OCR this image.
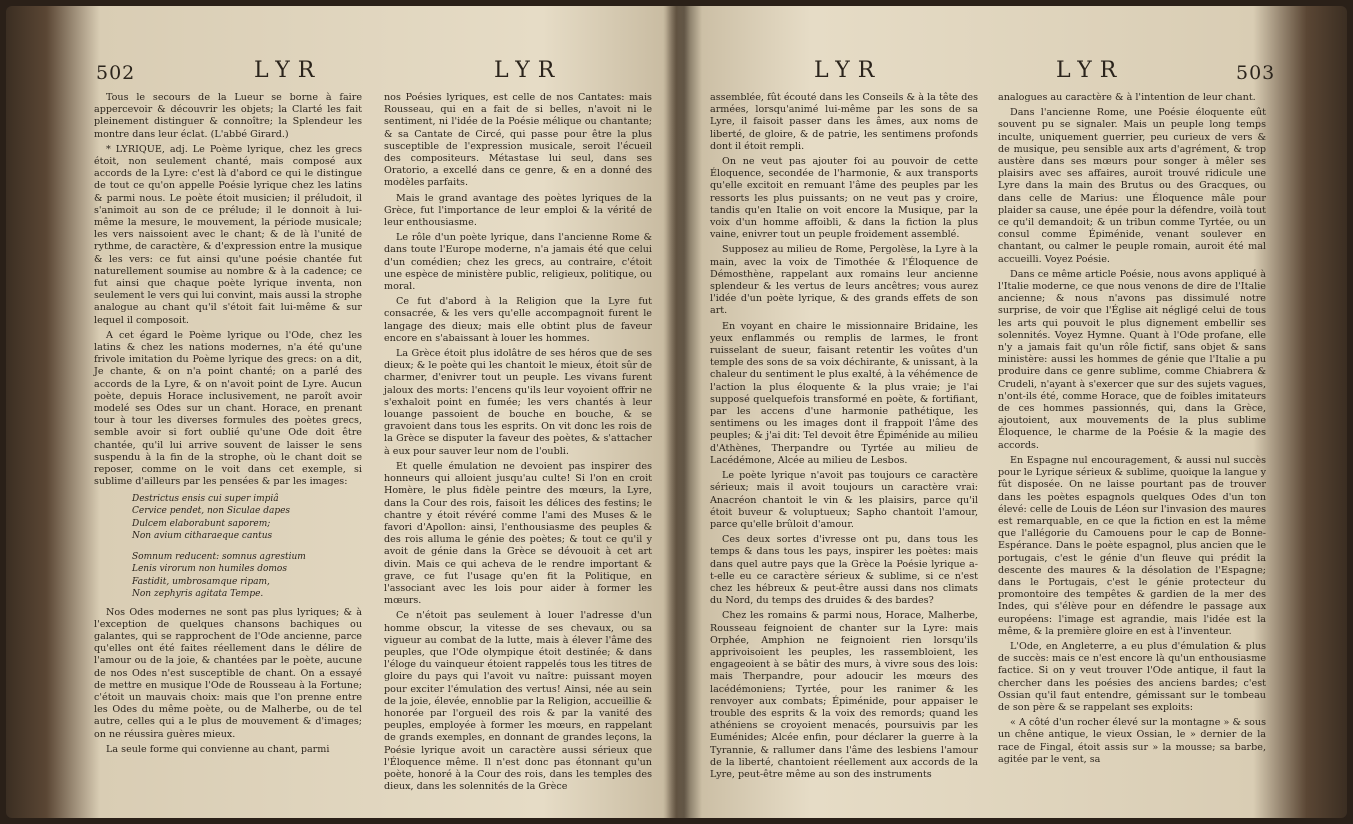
502	LYR	LYR

Tous le secours de la Lueur se borne à faire appercevoir & découvrir les objets; la Clarté les fait pleinement distinguer & connoître; la Splendeur les montre dans leur éclat. (L'abbé Girard.)

* LYRIQUE, adj. Le Poème lyrique, chez les grecs étoit, non seulement chanté, mais composé aux accords de la Lyre: c'est là d'abord ce qui le distingue de tout ce qu'on appelle Poésie lyrique chez les latins & parmi nous. Le poète étoit musicien; il préludoit, il s'animoit au son de ce prélude; il le donnoit à lui-même la mesure, le mouvement, la période musicale; les vers naissoient avec le chant; & de là l'unité de rythme, de caractère, & d'expression entre la musique & les vers: ce fut ainsi qu'une poésie chantée fut naturellement soumise au nombre & à la cadence; ce fut ainsi que chaque poète lyrique inventa, non seulement le vers qui lui convint, mais aussi la strophe analogue au chant qu'il s'étoit fait lui-même & sur lequel il composoit.

A cet égard le Poème lyrique ou l'Ode, chez les latins & chez les nations modernes, n'a été qu'une frivole imitation du Poème lyrique des grecs: on a dit, Je chante, & on n'a point chanté; on a parlé des accords de la Lyre, & on n'avoit point de Lyre. Aucun poète, depuis Horace inclusivement, ne paroît avoir modelé ses Odes sur un chant. Horace, en prenant tour à tour les diverses formules des poètes grecs, semble avoir si fort oublié qu'une Ode doit être chantée, qu'il lui arrive souvent de laisser le sens suspendu à la fin de la strophe, où le chant doit se reposer, comme on le voit dans cet exemple, si sublime d'ailleurs par les pensées & par les images:

Destrictus ensis cui super impiâ
Cervice pendet, non Siculae dapes
Dulcem elaborabunt saporem;
Non avium citharaeque cantus
Somnum reducent: somnus agrestium
Lenis virorum non humiles domos
Fastidit, umbrosamque ripam,
Non zephyris agitata Tempe.

Nos Odes modernes ne sont pas plus lyriques; & à l'exception de quelques chansons bachiques ou galantes, qui se rapprochent de l'Ode ancienne, parce qu'elles ont été faites réellement dans le délire de l'amour ou de la joie, & chantées par le poète, aucune de nos Odes n'est susceptible de chant. On a essayé de mettre en musique l'Ode de Rousseau à la Fortune; c'étoit un mauvais choix: mais que l'on prenne entre les Odes du même poète, ou de Malherbe, ou de tel autre, celles qui a le plus de mouvement & d'images; on ne réussira guères mieux.

La seule forme qui convienne au chant, parmi

nos Poésies lyriques, est celle de nos Cantates: mais Rousseau, qui en a fait de si belles, n'avoit ni le sentiment, ni l'idée de la Poésie mélique ou chantante; & sa Cantate de Circé, qui passe pour être la plus susceptible de l'expression musicale, seroit l'écueil des compositeurs. Métastase lui seul, dans ses Oratorio, a excellé dans ce genre, & en a donné des modèles parfaits.

Mais le grand avantage des poètes lyriques de la Grèce, fut l'importance de leur emploi & la vérité de leur enthousiasme.

Le rôle d'un poète lyrique, dans l'ancienne Rome & dans toute l'Europe moderne, n'a jamais été que celui d'un comédien; chez les grecs, au contraire, c'étoit une espèce de ministère public, religieux, politique, ou moral.

Ce fut d'abord à la Religion que la Lyre fut consacrée, & les vers qu'elle accompagnoit furent le langage des dieux; mais elle obtint plus de faveur encore en s'abaissant à louer les hommes.

La Grèce étoit plus idolâtre de ses héros que de ses dieux; & le poète qui les chantoit le mieux, étoit sûr de charmer, d'enivrer tout un peuple. Les vivans furent jaloux des morts: l'encens qu'ils leur voyoient offrir ne s'exhaloit point en fumée; les vers chantés à leur louange passoient de bouche en bouche, & se gravoient dans tous les esprits. On vit donc les rois de la Grèce se disputer la faveur des poètes, & s'attacher à eux pour sauver leur nom de l'oubli.

Et quelle émulation ne devoient pas inspirer des honneurs qui alloient jusqu'au culte! Si l'on en croit Homère, le plus fidèle peintre des mœurs, la Lyre, dans la Cour des rois, faisoit les délices des festins; le chantre y étoit révéré comme l'ami des Muses & le favori d'Apollon: ainsi, l'enthousiasme des peuples & des rois alluma le génie des poètes; & tout ce qu'il y avoit de génie dans la Grèce se dévouoit à cet art divin. Mais ce qui acheva de le rendre important & grave, ce fut l'usage qu'en fit la Politique, en l'associant avec les lois pour aider à former les mœurs.

Ce n'étoit pas seulement à louer l'adresse d'un homme obscur, la vitesse de ses chevaux, ou sa vigueur au combat de la lutte, mais à élever l'âme des peuples, que l'Ode olympique étoit destinée; & dans l'éloge du vainqueur étoient rappelés tous les titres de gloire du pays qui l'avoit vu naître: puissant moyen pour exciter l'émulation des vertus! Ainsi, née au sein de la joie, élevée, ennoblie par la Religion, accueillie & honorée par l'orgueil des rois & par la vanité des peuples, employée à former les mœurs, en rappelant de grands exemples, en donnant de grandes leçons, la Poésie lyrique avoit un caractère aussi sérieux que l'Éloquence même. Il n'est donc pas étonnant qu'un poète, honoré à la Cour des rois, dans les temples des dieux, dans les solennités de la Grèce

LYR	LYR	503

assemblée, fût écouté dans les Conseils & à la tête des armées, lorsqu'animé lui-même par les sons de sa Lyre, il faisoit passer dans les âmes, aux noms de liberté, de gloire, & de patrie, les sentimens profonds dont il étoit rempli.

On ne veut pas ajouter foi au pouvoir de cette Éloquence, secondée de l'harmonie, & aux transports qu'elle excitoit en remuant l'âme des peuples par les ressorts les plus puissants; on ne veut pas y croire, tandis qu'en Italie on voit encore la Musique, par la voix d'un homme affoibli, & dans la fiction la plus vaine, enivrer tout un peuple froidement assemblé.

Supposez au milieu de Rome, Pergolèse, la Lyre à la main, avec la voix de Timothée & l'Éloquence de Démosthène, rappelant aux romains leur ancienne splendeur & les vertus de leurs ancêtres; vous aurez l'idée d'un poète lyrique, & des grands effets de son art.

En voyant en chaire le missionnaire Bridaine, les yeux enflammés ou remplis de larmes, le front ruisselant de sueur, faisant retentir les voûtes d'un temple des sons de sa voix déchirante, & unissant, à la chaleur du sentiment le plus exalté, à la véhémence de l'action la plus éloquente & la plus vraie; je l'ai supposé quelquefois transformé en poète, & fortifiant, par les accens d'une harmonie pathétique, les sentimens ou les images dont il frappoit l'âme des peuples; & j'ai dit: Tel devoit être Épiménide au milieu d'Athènes, Therpandre ou Tyrtée au milieu de Lacédémone, Alcée au milieu de Lesbos.

Le poète lyrique n'avoit pas toujours ce caractère sérieux; mais il avoit toujours un caractère vrai: Anacréon chantoit le vin & les plaisirs, parce qu'il étoit buveur & voluptueux; Sapho chantoit l'amour, parce qu'elle brûloit d'amour.

Ces deux sortes d'ivresse ont pu, dans tous les temps & dans tous les pays, inspirer les poètes: mais dans quel autre pays que la Grèce la Poésie lyrique a-t-elle eu ce caractère sérieux & sublime, si ce n'est chez les hébreux & peut-être aussi dans nos climats du Nord, du temps des druides & des bardes?

Chez les romains & parmi nous, Horace, Malherbe, Rousseau feignoient de chanter sur la Lyre: mais Orphée, Amphion ne feignoient rien lorsqu'ils apprivoisoient les peuples, les rassembloient, les engageoient à se bâtir des murs, à vivre sous des lois: mais Therpandre, pour adoucir les mœurs des lacédémoniens; Tyrtée, pour les ranimer & les renvoyer aux combats; Épiménide, pour appaiser le trouble des esprits & la voix des remords; quand les athéniens se croyoient menacés, poursuivis par les Euménides; Alcée enfin, pour déclarer la guerre à la Tyrannie, & rallumer dans l'âme des lesbiens l'amour de la liberté, chantoient réellement aux accords de la Lyre, peut-être même au son des instruments

analogues au caractère & à l'intention de leur chant.

Dans l'ancienne Rome, une Poésie éloquente eût souvent pu se signaler. Mais un peuple long temps inculte, uniquement guerrier, peu curieux de vers & de musique, peu sensible aux arts d'agrément, & trop austère dans ses mœurs pour songer à mêler ses plaisirs avec ses affaires, auroit trouvé ridicule une Lyre dans la main des Brutus ou des Gracques, ou dans celle de Marius: une Éloquence mâle pour plaider sa cause, une épée pour la défendre, voilà tout ce qu'il demandoit; & un tribun comme Tyrtée, ou un consul comme Épiménide, venant soulever en chantant, ou calmer le peuple romain, auroit été mal accueilli. Voyez Poésie.

Dans ce même article Poésie, nous avons appliqué à l'Italie moderne, ce que nous venons de dire de l'Italie ancienne; & nous n'avons pas dissimulé notre surprise, de voir que l'Église ait négligé celui de tous les arts qui pouvoit le plus dignement embellir ses solennités. Voyez Hymne. Quant à l'Ode profane, elle n'y a jamais fait qu'un rôle fictif, sans objet & sans ministère: aussi les hommes de génie que l'Italie a pu produire dans ce genre sublime, comme Chiabrera & Crudeli, n'ayant à s'exercer que sur des sujets vagues, n'ont-ils été, comme Horace, que de foibles imitateurs de ces hommes passionnés, qui, dans la Grèce, ajoutoient, aux mouvements de la plus sublime Éloquence, le charme de la Poésie & la magie des accords.

En Espagne nul encouragement, & aussi nul succès pour le Lyrique sérieux & sublime, quoique la langue y fût disposée. On ne laisse pourtant pas de trouver dans les poètes espagnols quelques Odes d'un ton élevé: celle de Louis de Léon sur l'invasion des maures est remarquable, en ce que la fiction en est la même que l'allégorie du Camouens pour le cap de Bonne-Espérance. Dans le poète espagnol, plus ancien que le portugais, c'est le génie d'un fleuve qui prédit la descente des maures & la désolation de l'Espagne; dans le Portugais, c'est le génie protecteur du promontoire des tempêtes & gardien de la mer des Indes, qui s'élève pour en défendre le passage aux européens: l'image est agrandie, mais l'idée est la même, & la première gloire en est à l'inventeur.

L'Ode, en Angleterre, a eu plus d'émulation & plus de succès: mais ce n'est encore là qu'un enthousiasme factice. Si on y veut trouver l'Ode antique, il faut la chercher dans les poésies des anciens bardes; c'est Ossian qu'il faut entendre, gémissant sur le tombeau de son père & se rappelant ses exploits:

« A côté d'un rocher élevé sur la montagne » & sous un chêne antique, le vieux Ossian, le » dernier de la race de Fingal, étoit assis sur » la mousse; sa barbe, agitée par le vent, sa
